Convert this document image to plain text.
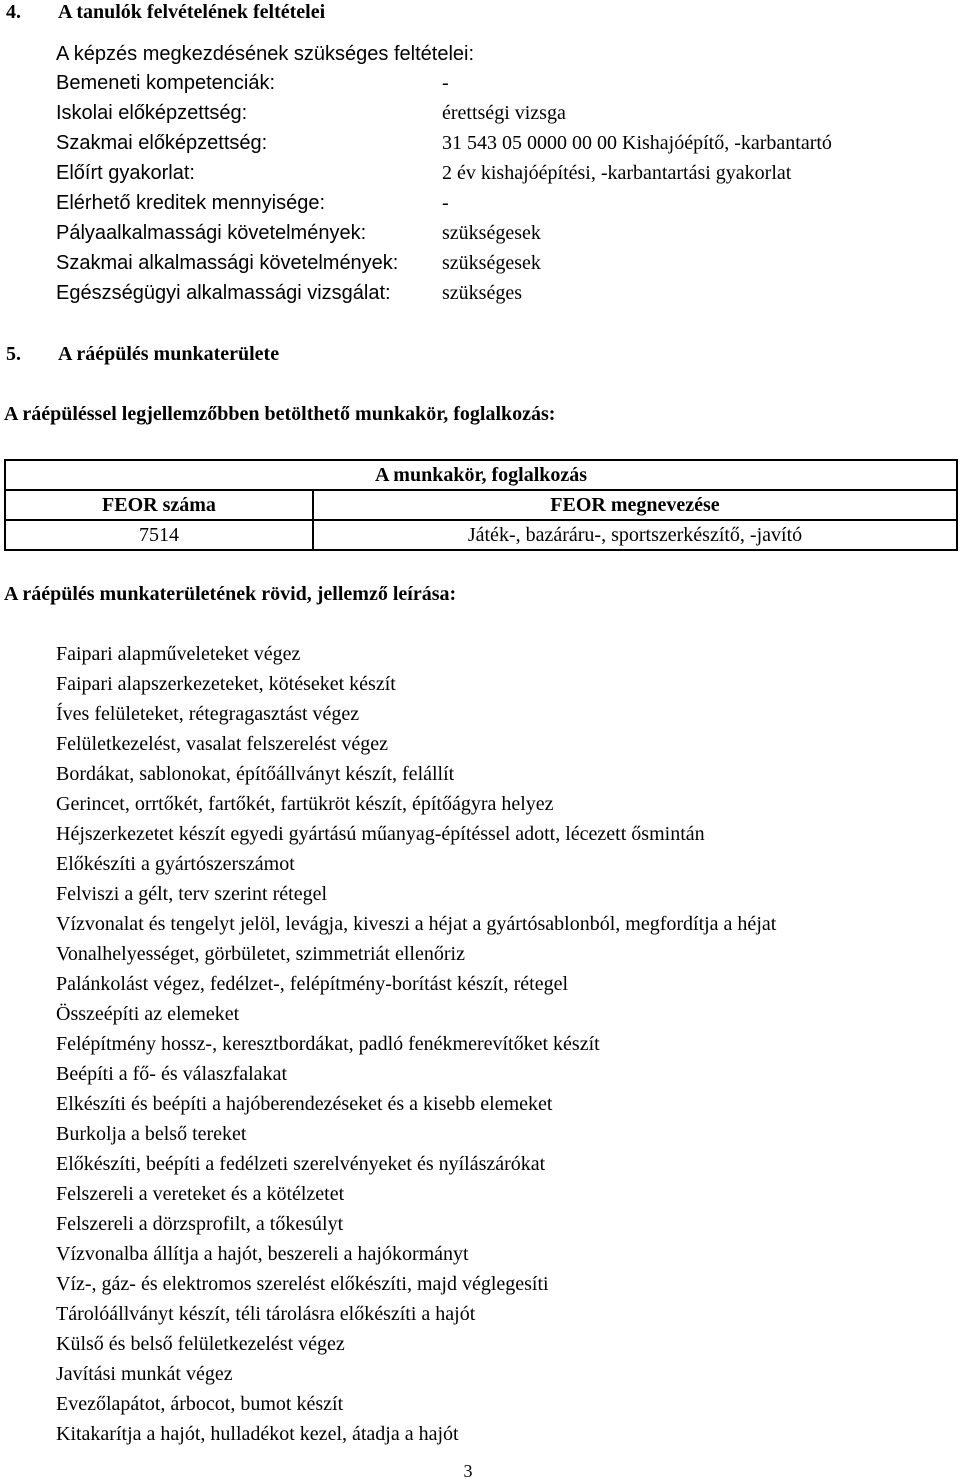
4. A tanulók felvételének feltételei
A képzés megkezdésének szükséges feltételei:
Bemeneti kompetenciák:	-
Iskolai előképzettség:	érettségi vizsga
Szakmai előképzettség:	31 543 05 0000 00 00 Kishajóépítő, -karbantartó
Előírt gyakorlat:	2 év kishajóépítési, -karbantartási gyakorlat
Elérhető kreditek mennyisége:	-
Pályaalkalmassági követelmények:	szükségesek
Szakmai alkalmassági követelmények: szükségesek
Egészségügyi alkalmassági vizsgálat:	szükséges
5. A ráépülés munkaterülete
A ráépüléssel legjellemzőbben betölthető munkakör, foglalkozás:
A munkakör, foglalkozás	
FEOR száma	FEOR megnevezése
7514	Játék-, bazáráru-, sportszerkészítő, -javító
A ráépülés munkaterületének rövid, jellemző leírása:
Faipari alapműveleteket végez
Faipari alapszerkezeteket, kötéseket készít
Íves felületeket, rétegragasztást végez
Felületkezelést, vasalat felszerelést végez
Bordákat, sablonokat, építőállványt készít, felállít
Gerincet, orrtőkét, fartőkét, fartükröt készít, építőágyra helyez
Héjszerkezetet készít egyedi gyártású műanyag-építéssel adott, lécezett ősmintán
Előkészíti a gyártószerszámot
Felviszi a gélt, terv szerint rétegel
Vízvonalat és tengelyt jelöl, levágja, kiveszi a héjat a gyártósablonból, megfordítja a héjat
Vonalhelyességet, görbületet, szimmetriát ellenőriz
Palánkolást végez, fedélzet-, felépítmény-borítást készít, rétegel
Összeépíti az elemeket
Felépítmény hossz-, keresztbordákat, padló fenékmerevítőket készít
Beépíti a fő- és válaszfalakat
Elkészíti és beépíti a hajóberendezéseket és a kisebb elemeket
Burkolja a belső tereket
Előkészíti, beépíti a fedélzeti szerelvényeket és nyílászárókat
Felszereli a vereteket és a kötélzetet
Felszereli a dörzsprofilt, a tőkesúlyt
Vízvonalba állítja a hajót, beszereli a hajókormányt
Víz-, gáz- és elektromos szerelést előkészíti, majd véglegesíti
Tárolóállványt készít, téli tárolásra előkészíti a hajót
Külső és belső felületkezelést végez
Javítási munkát végez
Evezőlapátot, árbocot, bumot készít
Kitakarítja a hajót, hulladékot kezel, átadja a hajót
3
